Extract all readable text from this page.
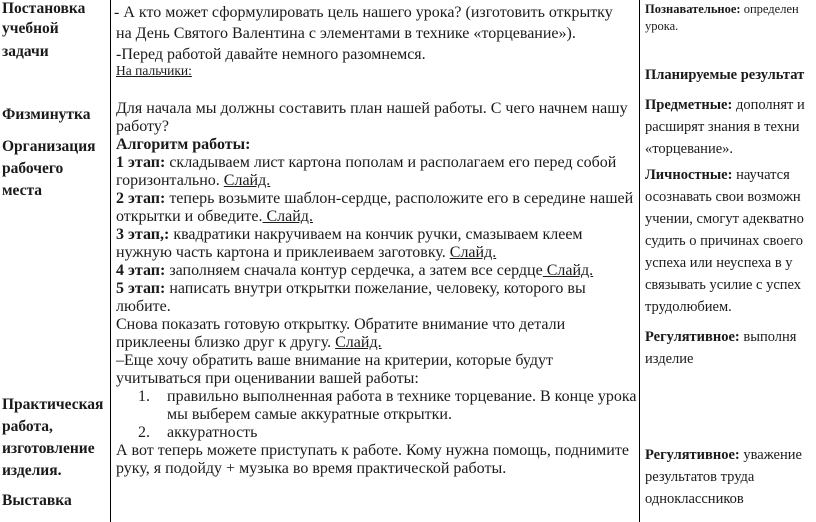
Постановка
учебной
задачи
Физминутка
Организация
рабочего
места
Практическая
работа,
изготовление
изделия.
Выставка
- А кто может сформулировать цель нашего урока? (изготовить открытку
на День Святого Валентина с элементами в технике «торцевание»).
-Перед работой давайте немного разомнемся.
На пальчики:
Для начала мы должны составить план нашей работы. С чего начнем нашу
работу?
Алгоритм работы:
1 этап: складываем лист картона пополам и располагаем его перед собой
горизонтально. Слайд.
2 этап: теперь возьмите шаблон-сердце, расположите его в середине нашей
открытки и обведите. Слайд.
3 этап,: квадратики накручиваем на кончик ручки, смазываем клеем
нужную часть картона и приклеиваем заготовку. Слайд.
4 этап: заполняем сначала контур сердечка, а затем все сердце Слайд.
5 этап: написать внутри открытки пожелание, человеку, которого вы
любите.
Снова показать готовую открытку. Обратите внимание что детали
приклеены близко друг к другу. Слайд.
–Еще хочу обратить ваше внимание на критерии, которые будут
учитываться при оценивании вашей работы:
1. правильно выполненная работа в технике торцевание. В конце урока
мы выберем самые аккуратные открытки.
2. аккуратность
А вот теперь можете приступать к работе. Кому нужна помощь, поднимите
руку, я подойду + музыка во время практической работы.
Познавательное: определен
урока.
Планируемые результат
Предметные: дополнят и
расширят знания в техни
«торцевание».
Личностные: научатся
осознавать свои возможн
учении, смогут адекватно
судить о причинах своего
успеха или неуспеха в у
связывать усилие с успех
трудолюбием.
Регулятивное: выполня
изделие
Регулятивное: уважение
результатов труда
одноклассников
